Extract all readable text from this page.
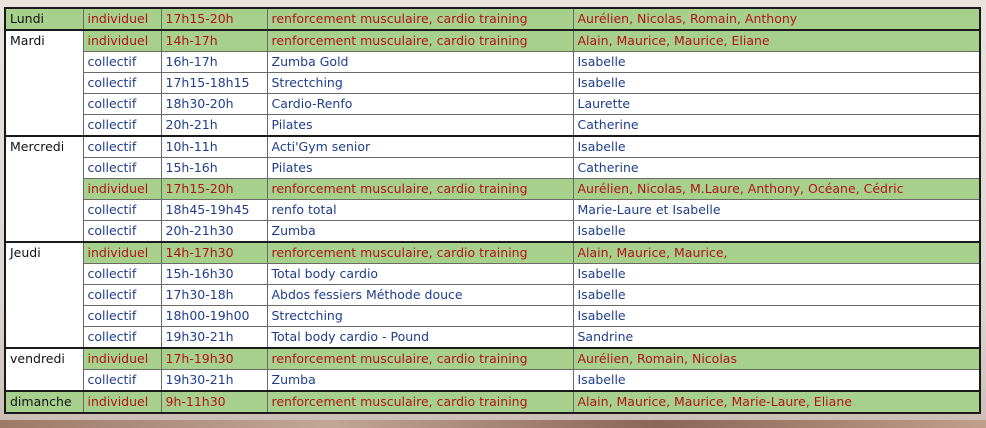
Lundi	individuel	17h15-20h	renforcement musculaire, cardio training	Aurélien, Nicolas, Romain, Anthony
Mardi	individuel	14h-17h	renforcement musculaire, cardio training	Alain, Maurice, Maurice, Eliane
	collectif	16h-17h	Zumba Gold	Isabelle
	collectif	17h15-18h15	Strectching	Isabelle
	collectif	18h30-20h	Cardio-Renfo	Laurette
	collectif	20h-21h	Pilates	Catherine
Mercredi	collectif	10h-11h	Acti'Gym senior	Isabelle
	collectif	15h-16h	Pilates	Catherine
	individuel	17h15-20h	renforcement musculaire, cardio training	Aurélien, Nicolas, M.Laure, Anthony, Océane, Cédric
	collectif	18h45-19h45	renfo total	Marie-Laure et Isabelle
	collectif	20h-21h30	Zumba	Isabelle
Jeudi	individuel	14h-17h30	renforcement musculaire, cardio training	Alain, Maurice, Maurice,
	collectif	15h-16h30	Total body cardio	Isabelle
	collectif	17h30-18h	Abdos fessiers Méthode douce	Isabelle
	collectif	18h00-19h00	Strectching	Isabelle
	collectif	19h30-21h	Total body cardio - Pound	Sandrine
vendredi	individuel	17h-19h30	renforcement musculaire, cardio training	Aurélien, Romain, Nicolas
	collectif	19h30-21h	Zumba	Isabelle
dimanche	individuel	9h-11h30	renforcement musculaire, cardio training	Alain, Maurice, Maurice, Marie-Laure, Eliane
